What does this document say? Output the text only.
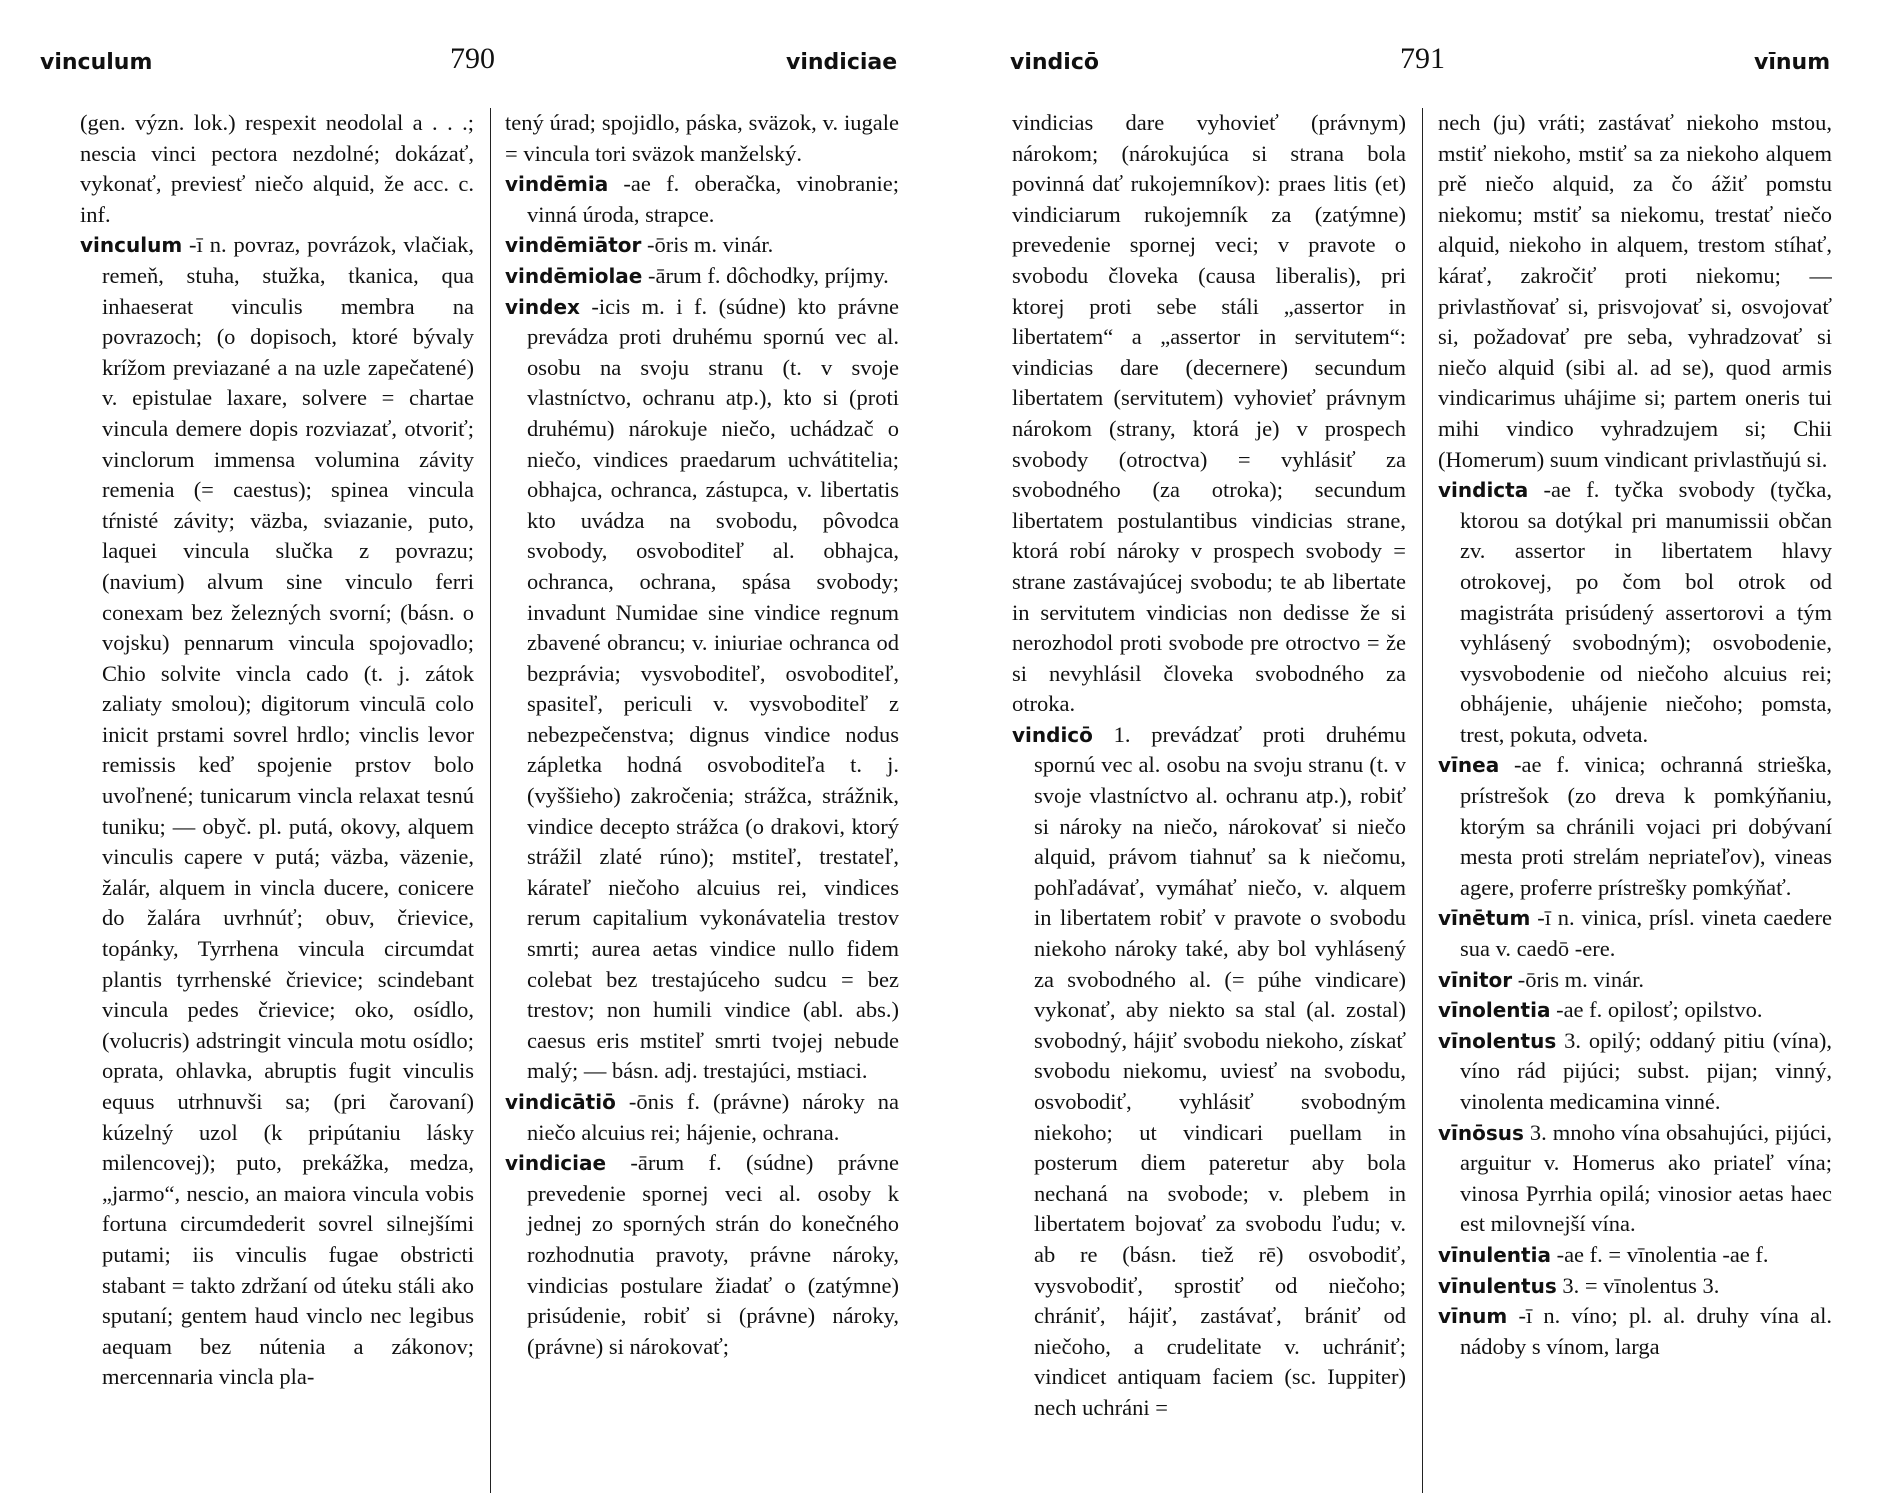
vinculum	790	vindiciae

(gen. význ. lok.) respexit neodolal a . . .; nescia vinci pectora nezdolné; dokázať, vykonať, previesť niečo alquid, že acc. c. inf.

vinculum -ī n. povraz, povrázok, vlačiak, remeň, stuha, stužka, tkanica, qua inhaeserat vinculis membra na povrazoch; (o dopisoch, ktoré bývaly krížom previazané a na uzle zapečatené) v. epistulae laxare, solvere = chartae vincula demere dopis rozviazať, otvoriť; vinclorum immensa volumina závity remenia (= caestus); spinea vincula tŕnisté závity; väzba, sviazanie, puto, laquei vincula slučka z povrazu; (navium) alvum sine vinculo ferri conexam bez železných svorní; (básn. o vojsku) pennarum vincula spojovadlo; Chio solvite vincla cado (t. j. zátok zaliaty smolou); digitorum vinculā colo inicit prstami sovrel hrdlo; vinclis levor remissis keď spojenie prstov bolo uvoľnené; tunicarum vincla relaxat tesnú tuniku; — obyč. pl. putá, okovy, alquem vinculis capere v putá; väzba, väzenie, žalár, alquem in vincla ducere, conicere do žalára uvrhnúť; obuv, črievice, topánky, Tyrrhena vincula circumdat plantis tyrrhenské črievice; scindebant vincula pedes črievice; oko, osídlo, (volucris) adstringit vincula motu osídlo; oprata, ohlavka, abruptis fugit vinculis equus utrhnuvši sa; (pri čarovaní) kúzelný uzol (k pripútaniu lásky milencovej); puto, prekážka, medza, „jarmo“, nescio, an maiora vincula vobis fortuna circumdederit sovrel silnejšími putami; iis vinculis fugae obstricti stabant = takto zdržaní od úteku stáli ako sputaní; gentem haud vinclo nec legibus aequam bez nútenia a zákonov; mercennaria vincla pla-

tený úrad; spojidlo, páska, sväzok, v. iugale = vincula tori sväzok manželský.

vindēmia -ae f. oberačka, vinobranie; vinná úroda, strapce.

vindēmiātor -ōris m. vinár.

vindēmiolae -ārum f. dôchodky, príjmy.

vindex -icis m. i f. (súdne) kto právne prevádza proti druhému spornú vec al. osobu na svoju stranu (t. v svoje vlastníctvo, ochranu atp.), kto si (proti druhému) nárokuje niečo, uchádzač o niečo, vindices praedarum uchvátitelia; obhajca, ochranca, zástupca, v. libertatis kto uvádza na svobodu, pôvodca svobody, osvoboditeľ al. obhajca, ochranca, ochrana, spása svobody; invadunt Numidae sine vindice regnum zbavené obrancu; v. iniuriae ochranca od bezprávia; vysvoboditeľ, osvoboditeľ, spasiteľ, periculi v. vysvoboditeľ z nebezpečenstva; dignus vindice nodus zápletka hodná osvoboditeľa t. j. (vyššieho) zakročenia; strážca, strážnik, vindice decepto strážca (o drakovi, ktorý strážil zlaté rúno); mstiteľ, trestateľ, kárateľ niečoho alcuius rei, vindices rerum capitalium vykonávatelia trestov smrti; aurea aetas vindice nullo fidem colebat bez trestajúceho sudcu = bez trestov; non humili vindice (abl. abs.) caesus eris mstiteľ smrti tvojej nebude malý; — básn. adj. trestajúci, mstiaci.

vindicātiō -ōnis f. (právne) nároky na niečo alcuius rei; hájenie, ochrana.

vindiciae -ārum f. (súdne) právne prevedenie spornej veci al. osoby k jednej zo sporných strán do konečného rozhodnutia pravoty, právne nároky, vindicias postulare žiadať o (zatýmne) prisúdenie, robiť si (právne) nároky, (právne) si nárokovať;

vindicō	791	vīnum

vindicias dare vyhovieť (právnym) nárokom; (nárokujúca si strana bola povinná dať rukojemníkov): praes litis (et) vindiciarum rukojemník za (zatýmne) prevedenie spornej veci; v pravote o svobodu človeka (causa liberalis), pri ktorej proti sebe stáli „assertor in libertatem“ a „assertor in servitutem“: vindicias dare (decernere) secundum libertatem (servitutem) vyhovieť právnym nárokom (strany, ktorá je) v prospech svobody (otroctva) = vyhlásiť za svobodného (za otroka); secundum libertatem postulantibus vindicias strane, ktorá robí nároky v prospech svobody = strane zastávajúcej svobodu; te ab libertate in servitutem vindicias non dedisse že si nerozhodol proti svobode pre otroctvo = že si nevyhlásil človeka svobodného za otroka.

vindicō 1. prevádzať proti druhému spornú vec al. osobu na svoju stranu (t. v svoje vlastníctvo al. ochranu atp.), robiť si nároky na niečo, nárokovať si niečo alquid, právom tiahnuť sa k niečomu, pohľadávať, vymáhať niečo, v. alquem in libertatem robiť v pravote o svobodu niekoho nároky také, aby bol vyhlásený za svobodného al. (= púhe vindicare) vykonať, aby niekto sa stal (al. zostal) svobodný, hájiť svobodu niekoho, získať svobodu niekomu, uviesť na svobodu, osvobodiť, vyhlásiť svobodným niekoho; ut vindicari puellam in posterum diem pateretur aby bola nechaná na svobode; v. plebem in libertatem bojovať za svobodu ľudu; v. ab re (básn. tiež rē) osvobodiť, vysvobodiť, sprostiť od niečoho; chrániť, hájiť, zastávať, brániť od niečoho, a crudelitate v. uchrániť; vindicet antiquam faciem (sc. Iuppiter) nech uchráni =

nech (ju) vráti; zastávať niekoho mstou, mstiť niekoho, mstiť sa za niekoho alquem prě niečo alquid, za čo ážiť pomstu niekomu; mstiť sa niekomu, trestať niečo alquid, niekoho in alquem, trestom stíhať, kárať, zakročiť proti niekomu; — privlastňovať si, prisvojovať si, osvojovať si, požadovať pre seba, vyhradzovať si niečo alquid (sibi al. ad se), quod armis vindicarimus uhájime si; partem oneris tui mihi vindico vyhradzujem si; Chii (Homerum) suum vindicant privlastňujú si.

vindicta -ae f. tyčka svobody (tyčka, ktorou sa dotýkal pri manumissii občan zv. assertor in libertatem hlavy otrokovej, po čom bol otrok od magistráta prisúdený assertorovi a tým vyhlásený svobodným); osvobodenie, vysvobodenie od niečoho alcuius rei; obhájenie, uhájenie niečoho; pomsta, trest, pokuta, odveta.

vīnea -ae f. vinica; ochranná strieška, prístrešok (zo dreva k pomkýňaniu, ktorým sa chránili vojaci pri dobývaní mesta proti strelám nepriateľov), vineas agere, proferre prístrešky pomkýňať.

vīnētum -ī n. vinica, prísl. vineta caedere sua v. caedō -ere.

vīnitor -ōris m. vinár.

vīnolentia -ae f. opilosť; opilstvo.

vīnolentus 3. opilý; oddaný pitiu (vína), víno rád pijúci; subst. pijan; vinný, vinolenta medicamina vinné.

vīnōsus 3. mnoho vína obsahujúci, pijúci, arguitur v. Homerus ako priateľ vína; vinosa Pyrrhia opilá; vinosior aetas haec est milovnejší vína.

vīnulentia -ae f. = vīnolentia -ae f.

vīnulentus 3. = vīnolentus 3.

vīnum -ī n. víno; pl. al. druhy vína al. nádoby s vínom, larga
